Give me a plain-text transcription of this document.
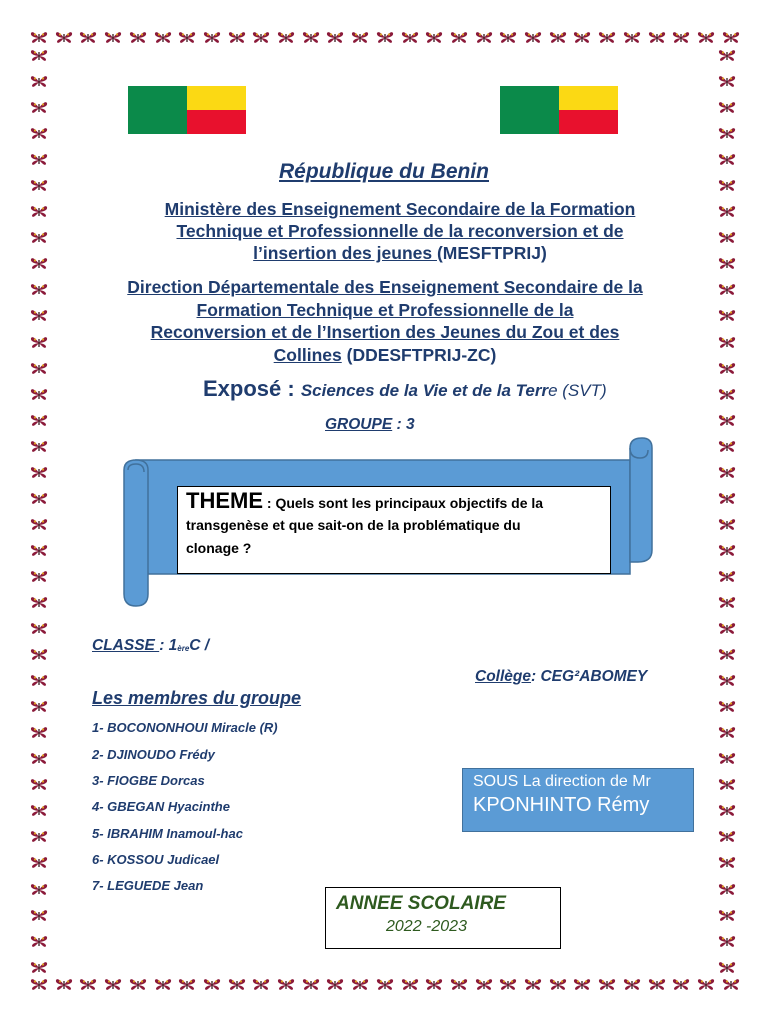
République du Benin
Ministère des Enseignement Secondaire de la Formation
Technique et Professionnelle de la reconversion et de
l’insertion des jeunes (MESFTPRIJ)
Direction Départementale des Enseignement Secondaire de la
Formation Technique et Professionnelle de la
Reconversion et de l’Insertion des Jeunes du Zou et des
Collines (DDESFTPRIJ-ZC)
Exposé : Sciences de la Vie et de la Terre (SVT)
GROUPE : 3
THEME : Quels sont les principaux objectifs de la
transgenèse et que sait-on de la problématique du
clonage ?
CLASSE : $1_{ère}C$ /
Collège: CEG²ABOMEY
Les membres du groupe
1- BOCONONHOUI Miracle (R)
2- DJINOUDO Frédy
3- FIOGBE Dorcas
4- GBEGAN Hyacinthe
5- IBRAHIM Inamoul-hac
6- KOSSOU Judicael
7- LEGUEDE Jean
SOUS La direction de Mr
KPONHINTO Rémy
ANNEE SCOLAIRE
2022 -2023
